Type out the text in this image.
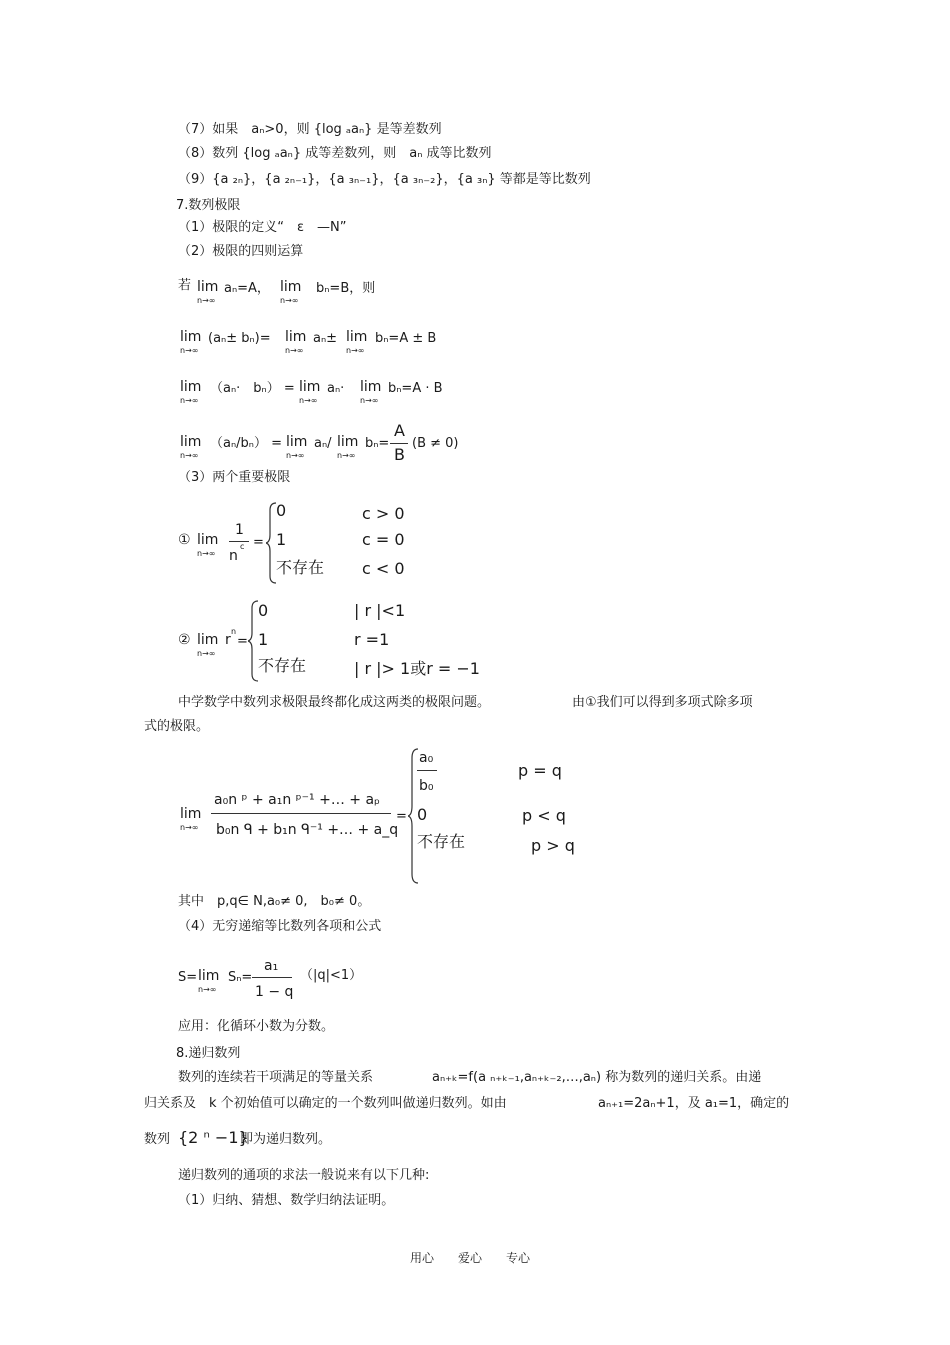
（7）如果　aₙ>0，则 {log ₐaₙ} 是等差数列
（8）数列 {log ₐaₙ} 成等差数列，则　aₙ 成等比数列
（9）{a ₂ₙ}，{a ₂ₙ₋₁}，{a ₃ₙ₋₁}，{a ₃ₙ₋₂}，{a ₃ₙ} 等都是等比数列
7.数列极限
（1）极限的定义“　ε　—N”
（2）极限的四则运算
若 lim
n→∞
aₙ=A， lim
n→∞
bₙ=B，则
lim
n→∞
(aₙ± bₙ)= lim
n→∞
aₙ± lim
n→∞
bₙ=A ± B
lim
n→∞
（aₙ·　bₙ） = lim
n→∞
aₙ· lim
n→∞
bₙ=A · B
lim
n→∞
（aₙ/bₙ） = lim
n→∞
aₙ/ lim
n→∞
bₙ=
A
B
(B ≠ 0)
（3）两个重要极限
① lim
n→∞
1
n
c =
0	c > 0
1	c = 0
不存在 c < 0
② lim
n→∞
r
n
=
0	| r |<1
1	r =1
不存在	| r |> 1或r = −1
中学数学中数列求极限最终都化成这两类的极限问题。	由①我们可以得到多项式除多项
式的极限。
lim
n→∞
a₀n ᵖ + a₁n ᵖ⁻¹ +… + aₚ
b₀n ᑫ + b₁n ᑫ⁻¹ +… + a_q
=
a₀
b₀
p = q
0	p < q
不存在	p > q
其中　p,q∈ N,a₀≠ 0,　b₀≠ 0。
（4）无穷递缩等比数列各项和公式
S= lim
n→∞
Sₙ=
a₁
1 − q
（|q|<1）
应用：化循环小数为分数。
8.递归数列
数列的连续若干项满足的等量关系	aₙ₊ₖ=f(a ₙ₊ₖ₋₁,aₙ₊ₖ₋₂,…,aₙ) 称为数列的递归关系。由递
归关系及　k 个初始值可以确定的一个数列叫做递归数列。如由	aₙ₊₁=2aₙ+1，及 a₁=1，确定的
数列 {2 ⁿ −1}
即为递归数列。
递归数列的通项的求法一般说来有以下几种:
（1）归纳、猜想、数学归纳法证明。
用心　　爱心　　专心
